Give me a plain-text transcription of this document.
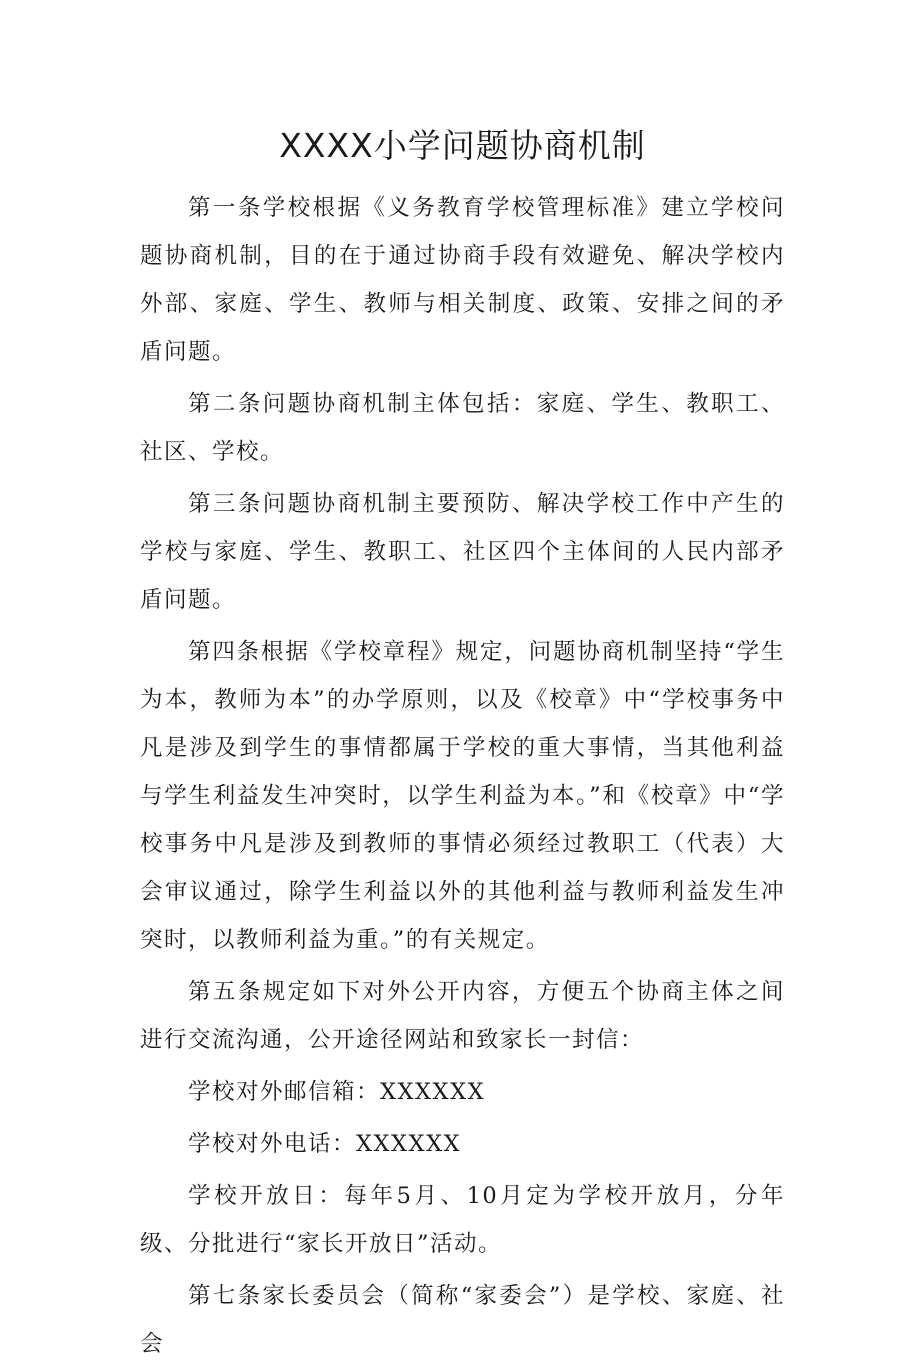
XXXX小学问题协商机制

第一条学校根据《义务教育学校管理标准》建立学校问题协商机制，目的在于通过协商手段有效避免、解决学校内外部、家庭、学生、教师与相关制度、政策、安排之间的矛盾问题。

第二条问题协商机制主体包括：家庭、学生、教职工、社区、学校。

第三条问题协商机制主要预防、解决学校工作中产生的学校与家庭、学生、教职工、社区四个主体间的人民内部矛盾问题。

第四条根据《学校章程》规定，问题协商机制坚持“学生为本，教师为本”的办学原则，以及《校章》中“学校事务中凡是涉及到学生的事情都属于学校的重大事情，当其他利益与学生利益发生冲突时，以学生利益为本。”和《校章》中“学校事务中凡是涉及到教师的事情必须经过教职工（代表）大会审议通过，除学生利益以外的其他利益与教师利益发生冲突时，以教师利益为重。”的有关规定。

第五条规定如下对外公开内容，方便五个协商主体之间进行交流沟通，公开途径网站和致家长一封信：

学校对外邮信箱：XXXXXX

学校对外电话：XXXXXX

学校开放日：每年5月、10月定为学校开放月，分年级、分批进行“家长开放日”活动。

第七条家长委员会（简称“家委会”）是学校、家庭、社会
